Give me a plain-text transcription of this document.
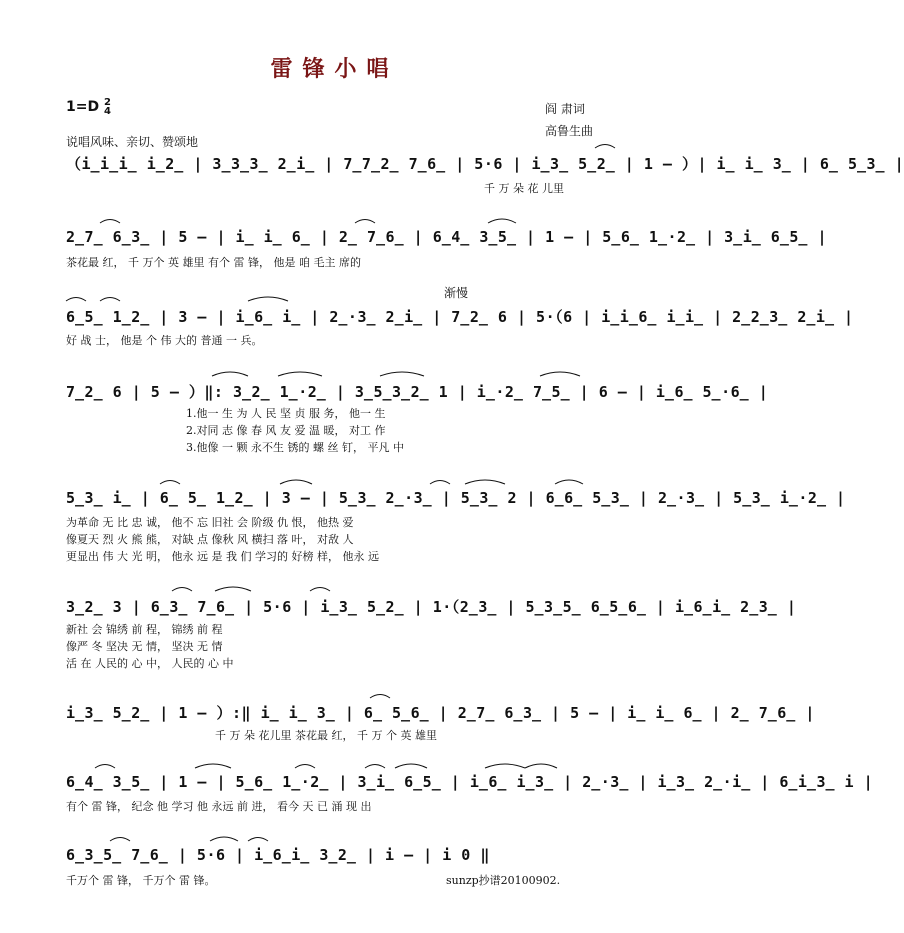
雷锋小唱
1=D 2
4	阎 肃词
高鲁生曲
说唱风味、亲切、赞颂地
渐慢
（i̲i̲i̲ i̲2̲ | 3̲3̲3̲ 2̲i̲ | 7̲7̲2̲ 7̲6̲ | 5·6 | i̲3̲ 5̲2̲ | 1 – ）| i̲ i̲ 3̲ | 6̲ 5̲3̲ |
千 万 朵 花 儿里
2̲7̲ 6̲3̲ | 5 – | i̲ i̲ 6̲ | 2̲ 7̲6̲ | 6̲4̲ 3̲5̲ | 1 – | 5̲6̲ 1̲·2̲ | 3̲i̲ 6̲5̲ |
茶花最 红， 千 万个 英 雄里 有个 雷 锋， 他是 咱 毛主 席的
6̲5̲ 1̲2̲ | 3 – | i̲6̲ i̲ | 2̲·3̲ 2̲i̲ | 7̲2̲ 6 | 5·（6 | i̲i̲6̲ i̲i̲ | 2̲2̲3̲ 2̲i̲ |
好 战 士， 他是 个 伟 大的 普通 一 兵。
7̲2̲ 6 | 5 – ）‖: 3̲2̲ 1̲·2̲ | 3̲5̲3̲2̲ 1 | i̲·2̲ 7̲5̲ | 6 – | i̲6̲ 5̲·6̲ |
1.他一 生 为 人 民 坚 贞 服 务， 他一 生
2.对同 志 像 春 风 友 爱 温 暖， 对工 作
3.他像 一 颗 永不生 锈的 螺 丝 钉， 平凡 中
5̲3̲ i̲ | 6̲ 5̲ 1̲2̲ | 3 – | 5̲3̲ 2̲·3̲ | 5̲3̲ 2 | 6̲6̲ 5̲3̲ | 2̲·3̲ | 5̲3̲ i̲·2̲ |
为革命 无 比 忠 诚， 他不 忘 旧社 会 阶级 仇 恨， 他热 爱
像夏天 烈 火 熊 熊， 对缺 点 像秋 风 横扫 落 叶， 对敌 人
更显出 伟 大 光 明， 他永 远 是 我 们 学习的 好榜 样， 他永 远
3̲2̲ 3 | 6̲3̲ 7̲6̲ | 5·6 | i̲3̲ 5̲2̲ | 1·（2̲3̲ | 5̲3̲5̲ 6̲5̲6̲ | i̲6̲i̲ 2̲3̲ |
新社 会 锦绣 前 程， 锦绣 前 程
像严 冬 坚决 无 情， 坚决 无 情
活 在 人民的 心 中， 人民的 心 中
i̲3̲ 5̲2̲ | 1 – ）:‖ i̲ i̲ 3̲ | 6̲ 5̲6̲ | 2̲7̲ 6̲3̲ | 5 – | i̲ i̲ 6̲ | 2̲ 7̲6̲ |
千 万 朵 花儿里 茶花最 红， 千 万 个 英 雄里
6̲4̲ 3̲5̲ | 1 – | 5̲6̲ 1̲·2̲ | 3̲i̲ 6̲5̲ | i̲6̲ i̲3̲ | 2̲·3̲ | i̲3̲ 2̲·i̲ | 6̲i̲3̲ i |
有个 雷 锋， 纪念 他 学习 他 永远 前 进， 看今 天 已 涌 现 出
6̲3̲5̲ 7̲6̲ | 5·6 | i̲6̲i̲ 3̲2̲ | i – | i 0 ‖
千万个 雷 锋， 千万个 雷 锋。	sunzp抄谱20100902.
